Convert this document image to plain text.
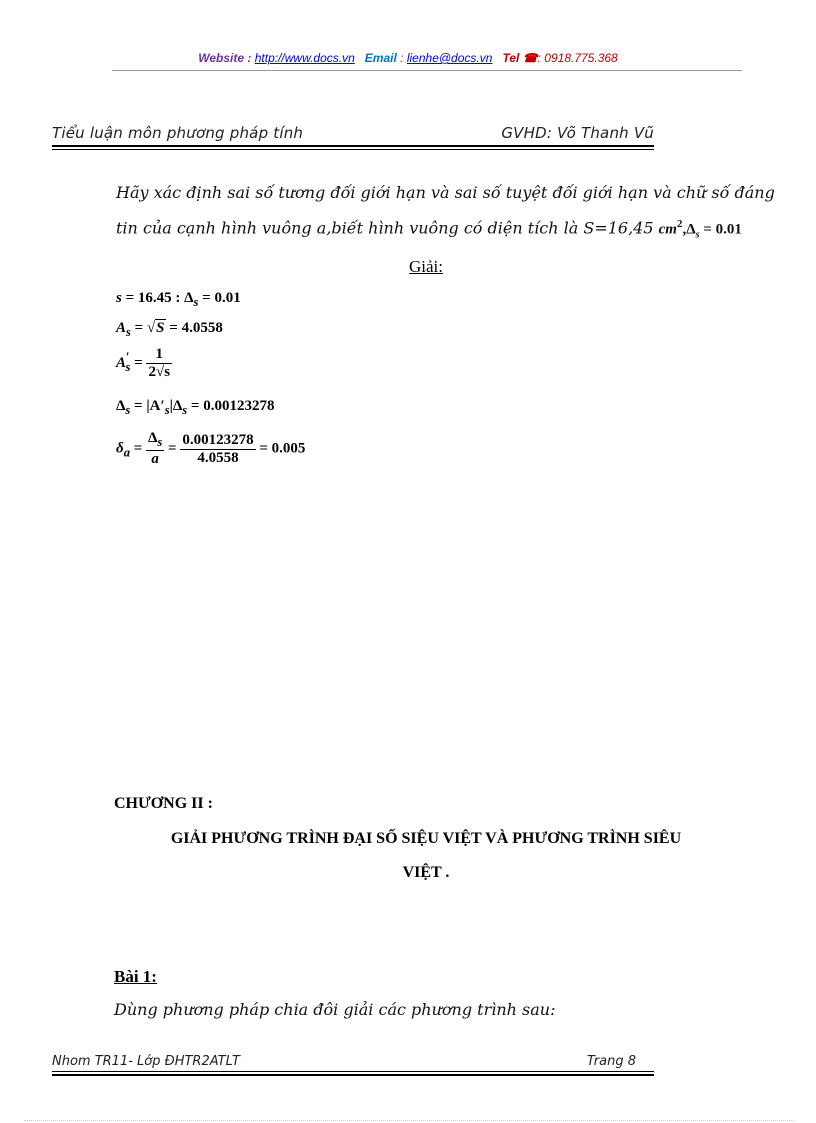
Website : http://www.docs.vn Email : lienhe@docs.vn Tel ☎: 0918.775.368
Tiểu luận môn phương pháp tính	GVHD: Võ Thanh Vũ
Hãy xác định sai số tương đối giới hạn và sai số tuyệt đối giới hạn và chữ số đáng
tin của cạnh hình vuông a,biết hình vuông có diện tích là S=16,45 $cm^2,\Delta_s = 0.01$
Giải:
s = 16.45 : $\Delta_s = 0.01$
$A_s = √S = 4.0558$
$A'_s = \frac{1}{2√s}$
$\Delta_s = |A'_s|\Delta_s = 0.00123278$
$\delta_a = \frac{\Delta_s}{a} = \frac{0.00123278}{4.0558} = 0.005$
CHƯƠNG II :
GIẢI PHƯƠNG TRÌNH ĐẠI SỐ SIỆU VIỆT VÀ PHƯƠNG TRÌNH SIÊU
VIỆT .
Bài 1:
Dùng phương pháp chia đôi giải các phương trình sau:
Nhom TR11- Lớp ĐHTR2ATLT	Trang 8
